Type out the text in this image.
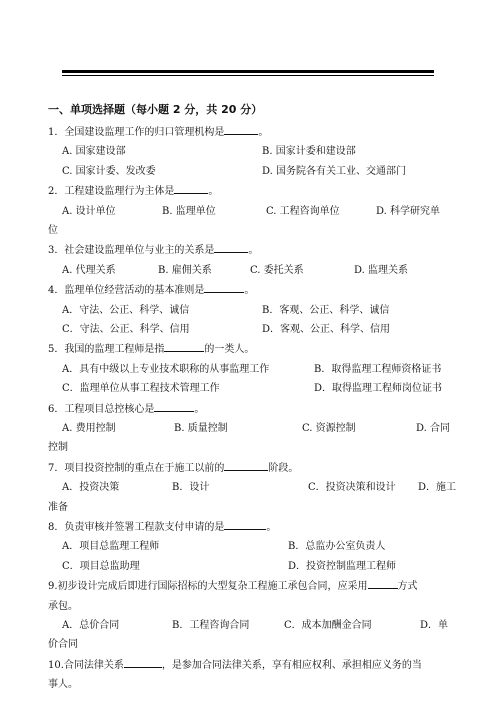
一、单项选择题（每小题 2 分，共 20 分）
1．全国建设监理工作的归口管理机构是	。
A. 国家建设部	B. 国家计委和建设部
C. 国家计委、发改委	D. 国务院各有关工业、交通部门
2．工程建设监理行为主体是	。
A. 设计单位	B. 监理单位	C. 工程咨询单位	D. 科学研究单
位
3．社会建设监理单位与业主的关系是	。
A. 代理关系	B. 雇佣关系	C. 委托关系	D. 监理关系
4．监理单位经营活动的基本准则是	。
A．守法、公正、科学、诚信	B．客观、公正、科学、诚信
C．守法、公正、科学、信用	D．客观、公正、科学、信用
5．我国的监理工程师是指	的一类人。
A．具有中级以上专业技术职称的从事监理工作	B．取得监理工程师资格证书
C．监理单位从事工程技术管理工作	D．取得监理工程师岗位证书
6．工程项目总控核心是	。
A. 费用控制	B. 质量控制	C. 资源控制	D. 合同
控制
7．项目投资控制的重点在于施工以前的	阶段。
A．投资决策	B．设计	C．投资决策和设计 D．施工
准备
8．负责审核并签署工程款支付申请的是	。
A．项目总监理工程师	B．总监办公室负责人
C．项目总监助理	D．投资控制监理工程师
9.初步设计完成后即进行国际招标的大型复杂工程施工承包合同，应采用	方式
承包。
A．总价合同	B．工程咨询合同	C．成本加酬金合同	D．单
价合同
10.合同法律关系	，是参加合同法律关系，享有相应权利、承担相应义务的当
事人。
